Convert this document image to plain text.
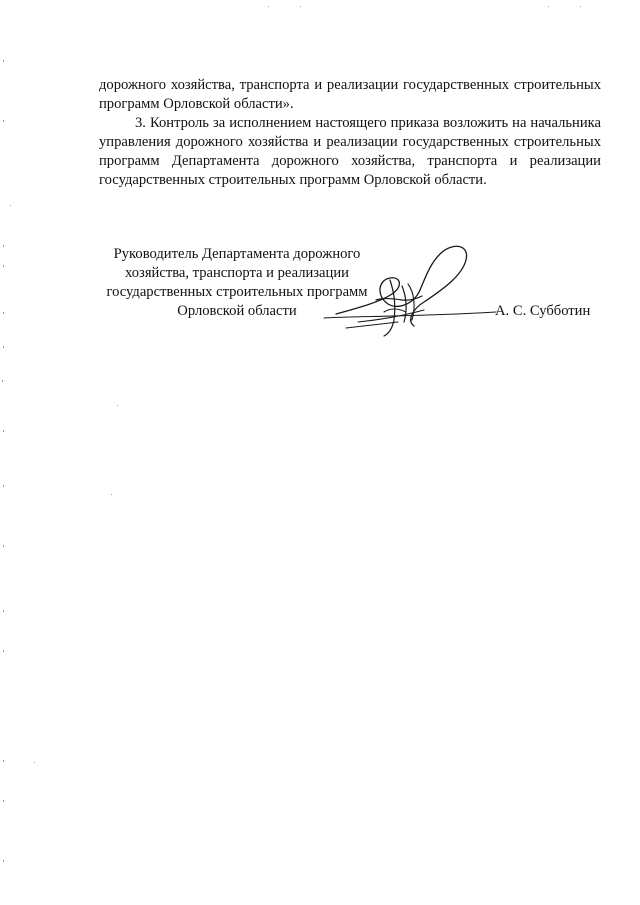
дорожного хозяйства, транспорта и реализации государственных строительных программ Орловской области».

3. Контроль за исполнением настоящего приказа возложить на начальника управления дорожного хозяйства и реализации государственных строительных программ Департамента дорожного хозяйства, транспорта и реализации государственных строительных программ Орловской области.

Руководитель Департамента дорожного
хозяйства, транспорта и реализации
государственных строительных программ
Орловской области	А. С. Субботин
